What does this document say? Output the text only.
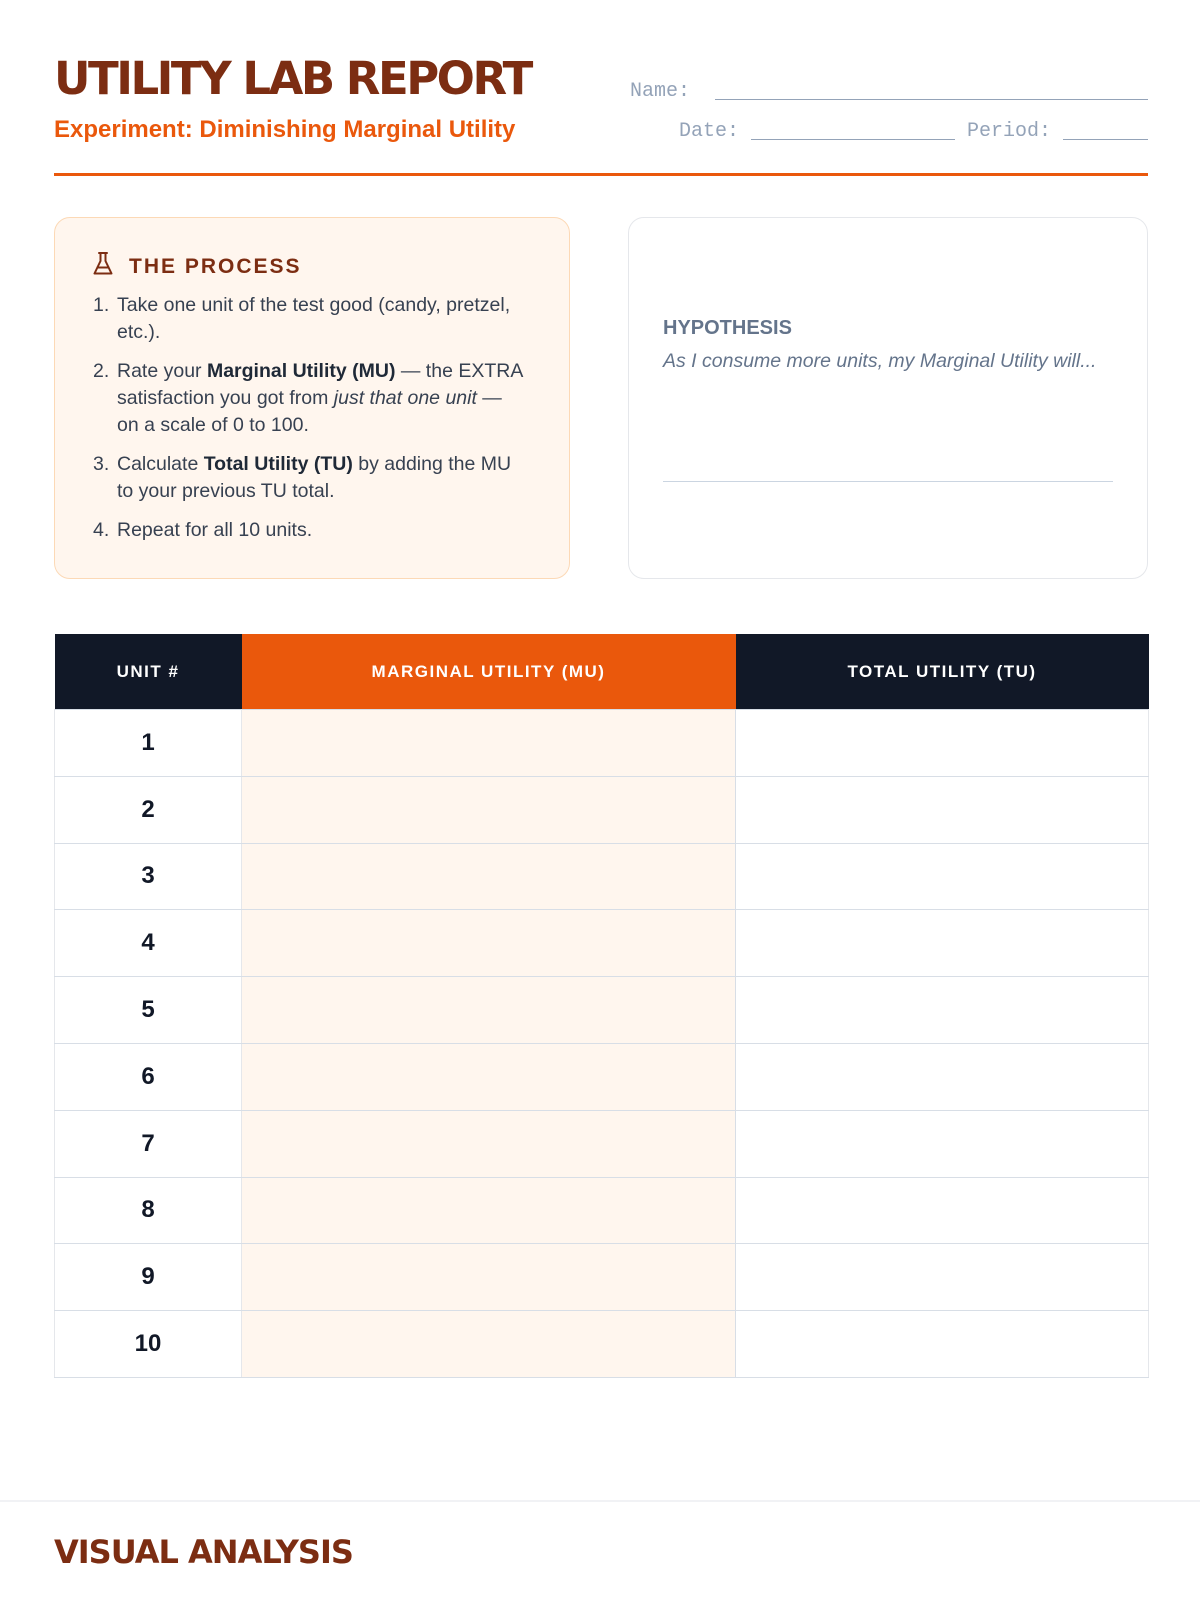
UTILITY LAB REPORT
Experiment: Diminishing Marginal Utility
Name:
Date:	Period:
THE PROCESS
1. Take one unit of the test good (candy, pretzel, etc.).
2. Rate your Marginal Utility (MU) — the EXTRA satisfaction you got from just that one unit — on a scale of 0 to 100.
3. Calculate Total Utility (TU) by adding the MU to your previous TU total.
4. Repeat for all 10 units.
HYPOTHESIS
As I consume more units, my Marginal Utility will...
UNIT #	MARGINAL UTILITY (MU)	TOTAL UTILITY (TU)
1		
2		
3		
4		
5		
6		
7		
8		
9		
10		
VISUAL ANALYSIS
